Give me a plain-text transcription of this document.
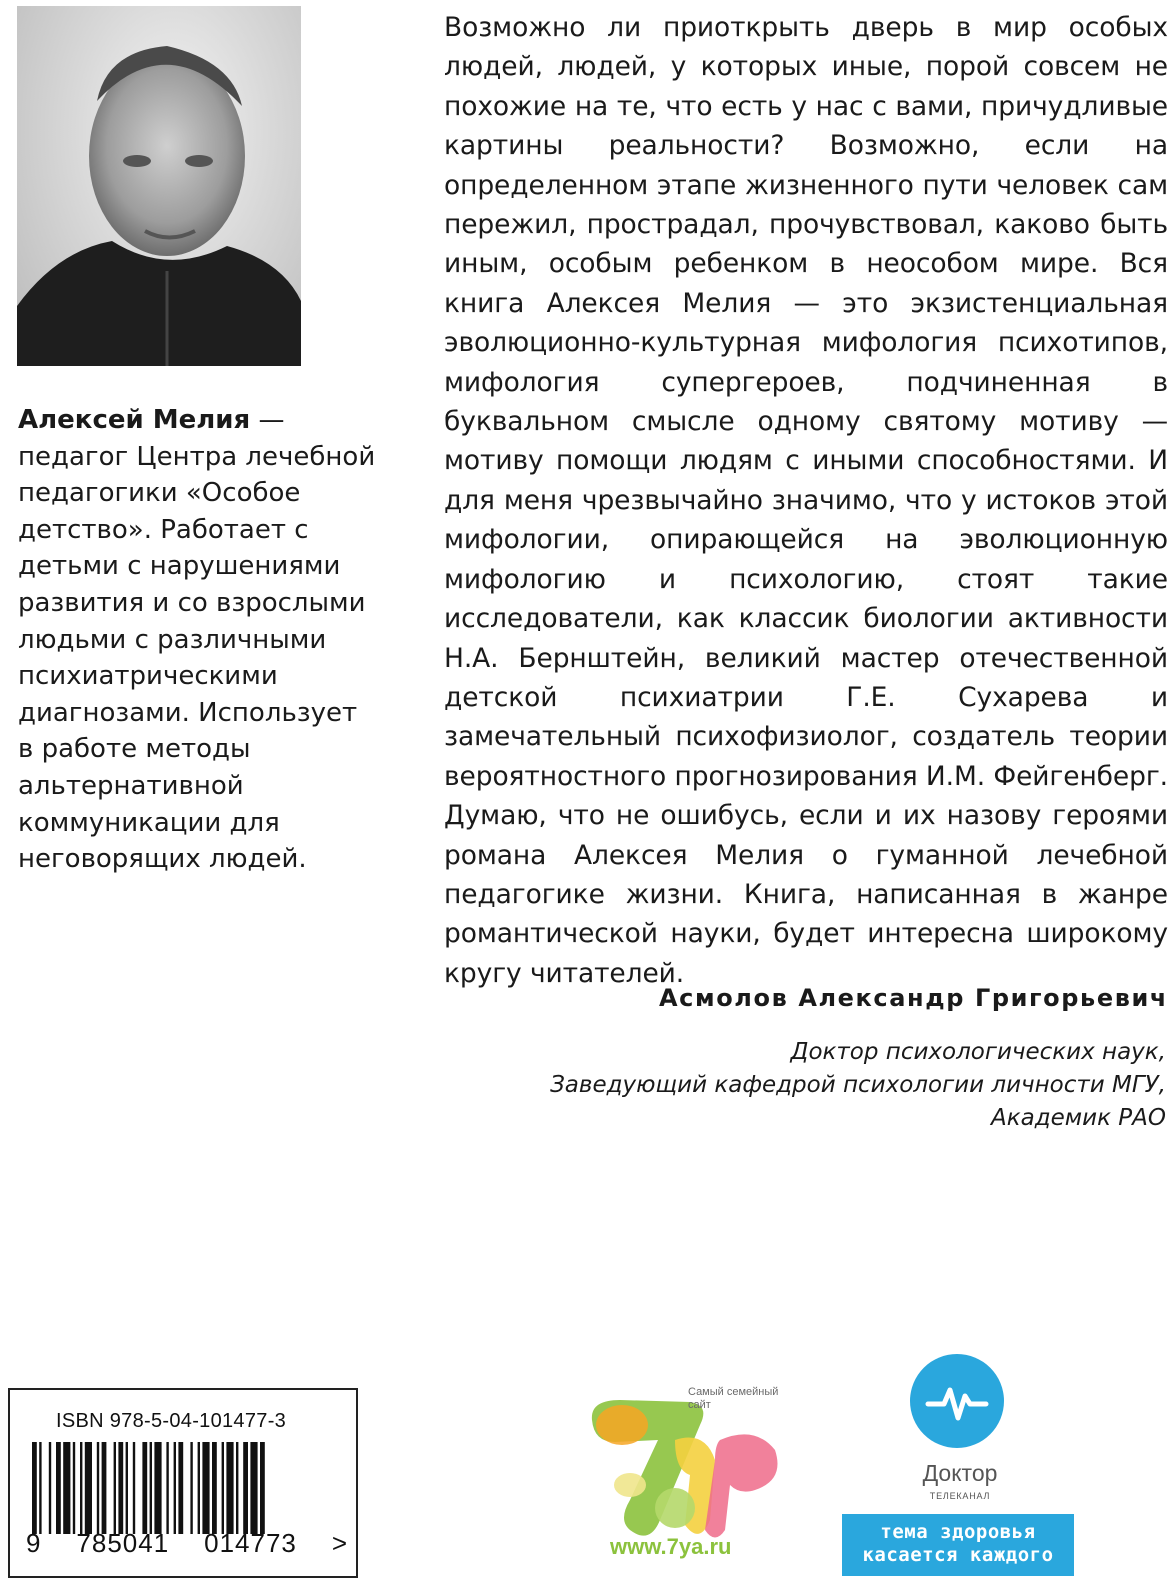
Алексей Мелия — педагог Центра лечебной педагогики «Особое детство». Работает с детьми с нарушениями развития и со взрослыми людьми с различными психиатрическими диагнозами. Использует в работе методы альтернативной коммуникации для неговорящих людей.

Возможно ли приоткрыть дверь в мир особых людей, людей, у которых иные, порой совсем не похожие на те, что есть у нас с вами, причудливые картины реальности? Возможно, если на определенном этапе жизненного пути человек сам пережил, прострадал, прочувствовал, каково быть иным, особым ребенком в неособом мире. Вся книга Алексея Мелия — это экзистенциальная эволюционно-культурная мифология психотипов, мифология супергероев, подчиненная в буквальном смысле одному святому мотиву — мотиву помощи людям с иными способностями. И для меня чрезвычайно значимо, что у истоков этой мифологии, опирающейся на эволюционную мифологию и психологию, стоят такие исследователи, как классик биологии активности Н.А. Бернштейн, великий мастер отечественной детской психиатрии Г.Е. Сухарева и замечательный психофизиолог, создатель теории вероятностного прогнозирования И.М. Фейгенберг. Думаю, что не ошибусь, если и их назову героями романа Алексея Мелия о гуманной лечебной педагогике жизни. Книга, написанная в жанре романтической науки, будет интересна широкому кругу читателей.

Асмолов Александр Григорьевич
Доктор психологических наук,
Заведующий кафедрой психологии личности МГУ,
Академик РАО
ISBN 978-5-04-101477-3
9 785041 014773 >
Самый семейный сайт
www.7ya.ru
Доктор
ТЕЛЕКАНАЛ
тема здоровья
касается каждого
